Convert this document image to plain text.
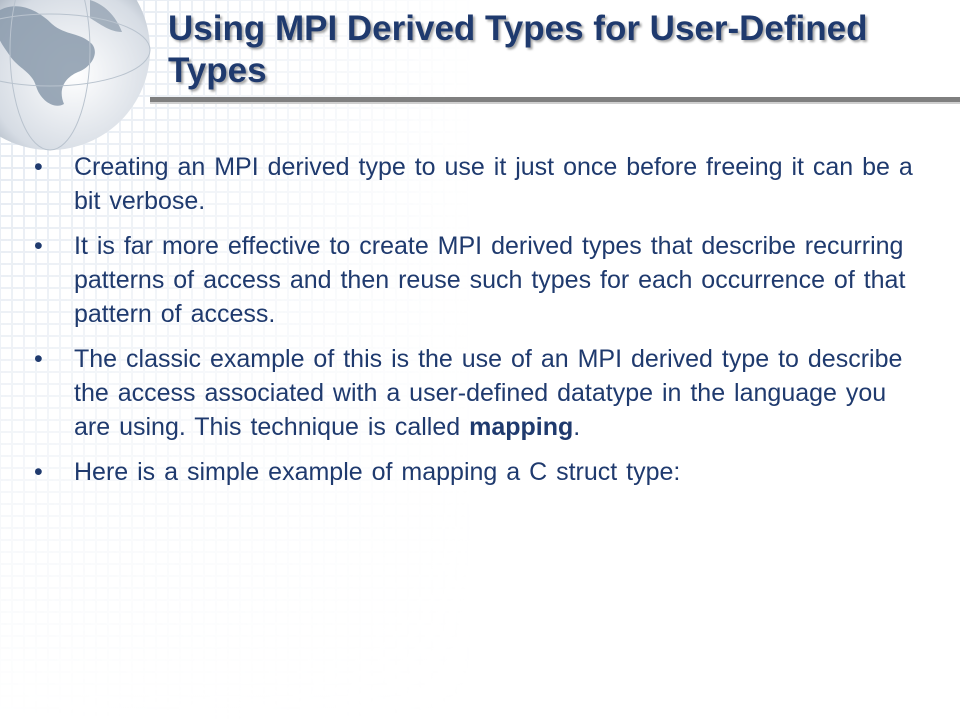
Using MPI Derived Types for User-Defined Types
•	Creating an MPI derived type to use it just once before freeing it can be a bit verbose.
•	It is far more effective to create MPI derived types that describe recurring patterns of access and then reuse such types for each occurrence of that pattern of access.
•	The classic example of this is the use of an MPI derived type to describe the access associated with a user-defined datatype in the language you are using. This technique is called mapping.
•	Here is a simple example of mapping a C struct type:
